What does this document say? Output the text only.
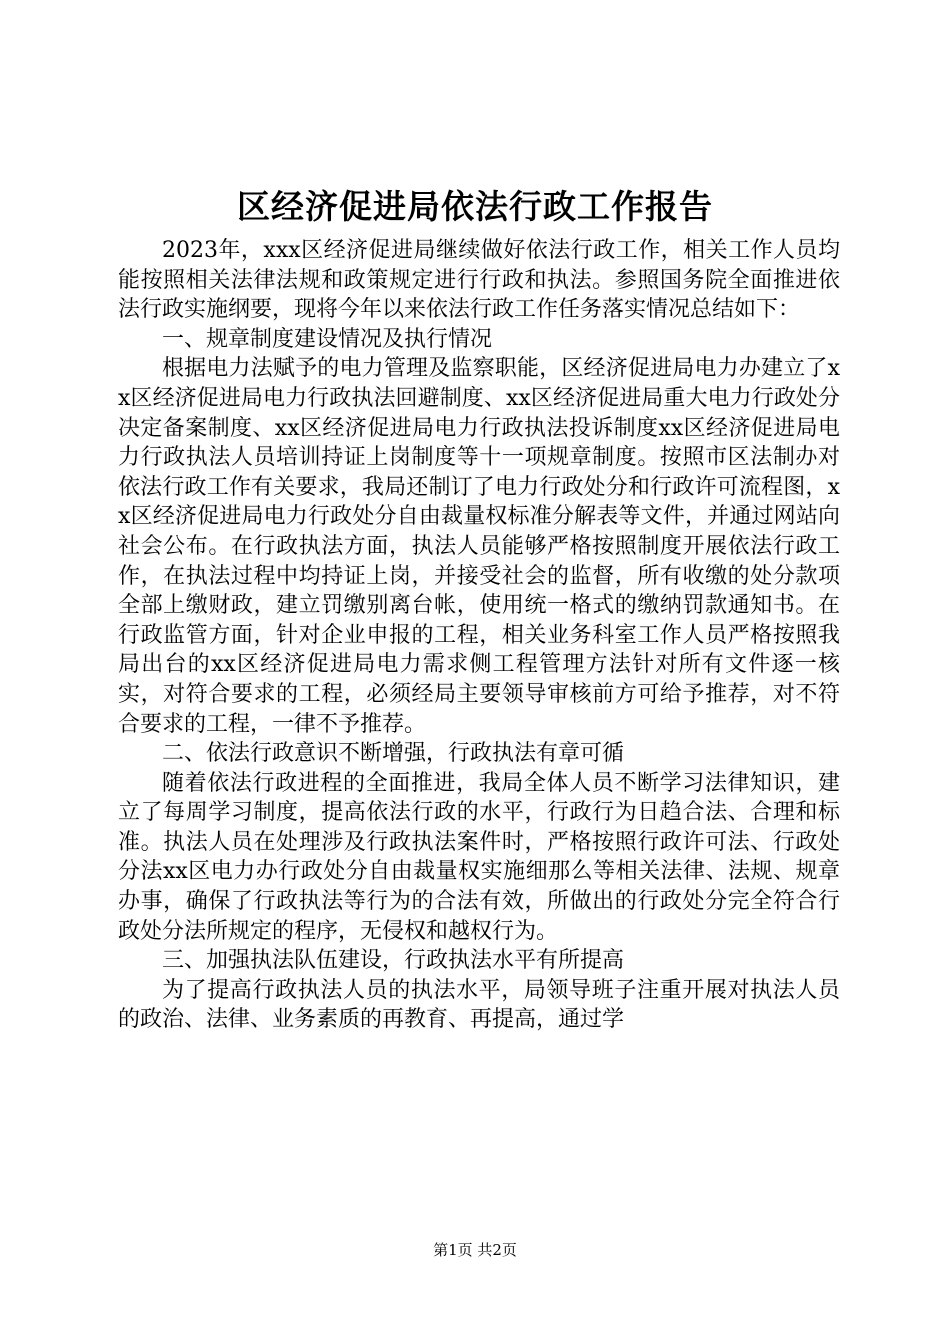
区经济促进局依法行政工作报告

2023年，xxx区经济促进局继续做好依法行政工作，相关工作人员均能按照相关法律法规和政策规定进行行政和执法。参照国务院全面推进依法行政实施纲要，现将今年以来依法行政工作任务落实情况总结如下：

一、规章制度建设情况及执行情况

根据电力法赋予的电力管理及监察职能，区经济促进局电力办建立了xx区经济促进局电力行政执法回避制度、xx区经济促进局重大电力行政处分决定备案制度、xx区经济促进局电力行政执法投诉制度xx区经济促进局电力行政执法人员培训持证上岗制度等十一项规章制度。按照市区法制办对依法行政工作有关要求，我局还制订了电力行政处分和行政许可流程图，xx区经济促进局电力行政处分自由裁量权标准分解表等文件，并通过网站向社会公布。在行政执法方面，执法人员能够严格按照制度开展依法行政工作，在执法过程中均持证上岗，并接受社会的监督，所有收缴的处分款项全部上缴财政，建立罚缴别离台帐，使用统一格式的缴纳罚款通知书。在行政监管方面，针对企业申报的工程，相关业务科室工作人员严格按照我局出台的xx区经济促进局电力需求侧工程管理方法针对所有文件逐一核实，对符合要求的工程，必须经局主要领导审核前方可给予推荐，对不符合要求的工程，一律不予推荐。

二、依法行政意识不断增强，行政执法有章可循

随着依法行政进程的全面推进，我局全体人员不断学习法律知识，建立了每周学习制度，提高依法行政的水平，行政行为日趋合法、合理和标准。执法人员在处理涉及行政执法案件时，严格按照行政许可法、行政处分法xx区电力办行政处分自由裁量权实施细那么等相关法律、法规、规章办事，确保了行政执法等行为的合法有效，所做出的行政处分完全符合行政处分法所规定的程序，无侵权和越权行为。

三、加强执法队伍建设，行政执法水平有所提高

为了提高行政执法人员的执法水平，局领导班子注重开展对执法人员的政治、法律、业务素质的再教育、再提高，通过学

第1页 共2页
